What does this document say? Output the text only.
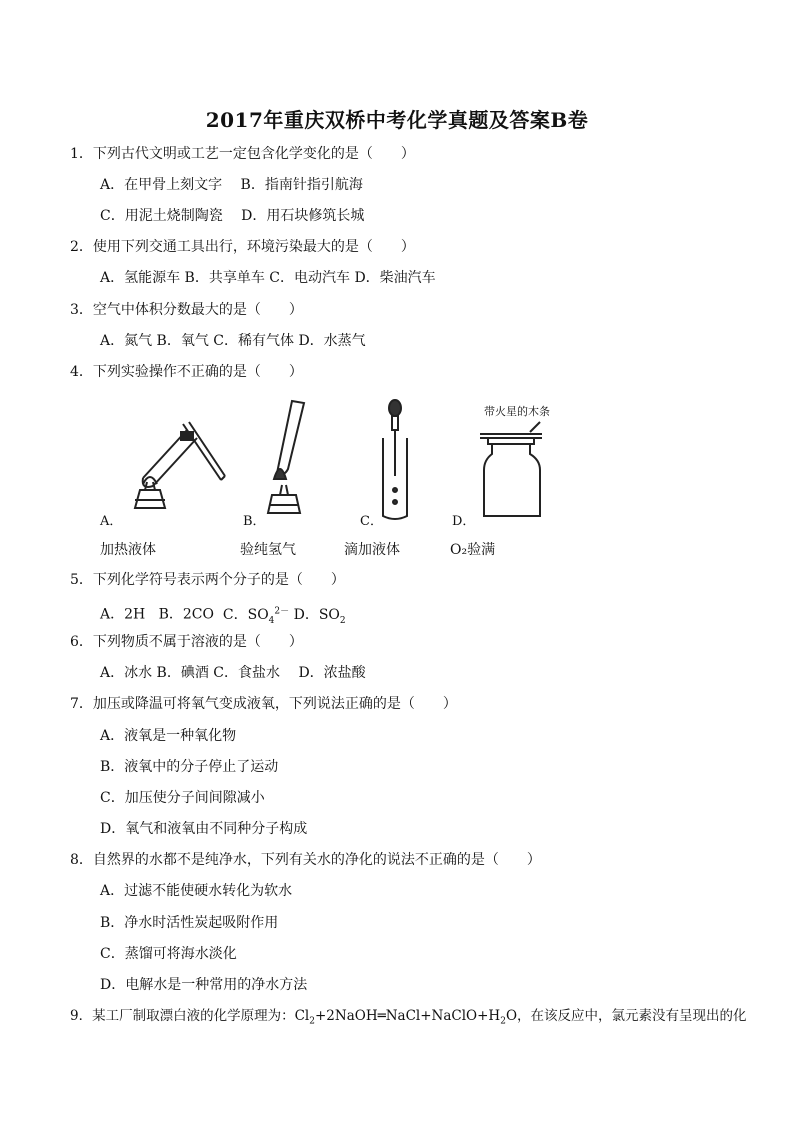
2017年重庆双桥中考化学真题及答案B卷
1．下列古代文明或工艺一定包含化学变化的是（　　）
A．在甲骨上刻文字　 B．指南针指引航海
C．用泥土烧制陶瓷　 D．用石块修筑长城
2．使用下列交通工具出行，环境污染最大的是（　　）
A．氢能源车 B．共享单车 C．电动汽车 D．柴油汽车
3．空气中体积分数最大的是（　　）
A．氮气 B．氧气 C．稀有气体 D．水蒸气
4．下列实验操作不正确的是（　　）
A．	B．	C．
带火星的木条
D．
加热液体	验纯氢气	滴加液体	O₂验满
5．下列化学符号表示两个分子的是（　　）
A．2H B．2CO C．$SO_4^{2-}$ D．$SO_2$
6．下列物质不属于溶液的是（　　）
A．冰水 B．碘酒 C．食盐水　 D．浓盐酸
7．加压或降温可将氧气变成液氧，下列说法正确的是（　　）
A．液氧是一种氧化物
B．液氧中的分子停止了运动
C．加压使分子间间隙减小
D．氧气和液氧由不同种分子构成
8．自然界的水都不是纯净水，下列有关水的净化的说法不正确的是（　　）
A．过滤不能使硬水转化为软水
B．净水时活性炭起吸附作用
C．蒸馏可将海水淡化
D．电解水是一种常用的净水方法
9．某工厂制取漂白液的化学原理为：$Cl_2+2NaOH═NaCl+NaClO+H_2O$，在该反应中，氯元素没有呈现出的化
